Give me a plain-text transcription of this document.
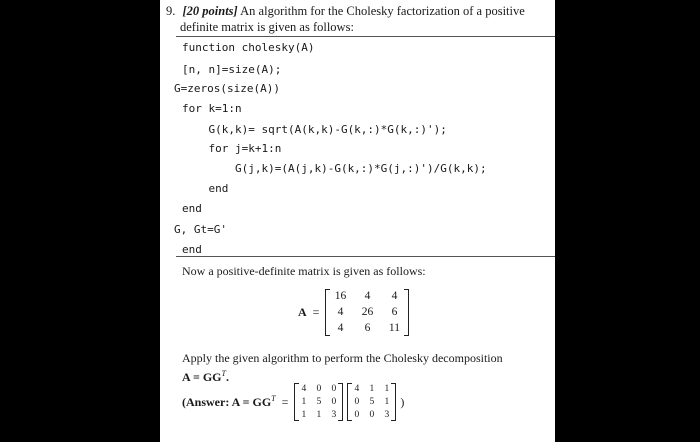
9. [20 points] An algorithm for the Cholesky factorization of a positive
definite matrix is given as follows:
function cholesky(A)
[n, n]=size(A);
G=zeros(size(A))
for k=1:n
G(k,k)= sqrt(A(k,k)-G(k,:)*G(k,:)');
for j=k+1:n
G(j,k)=(A(j,k)-G(k,:)*G(j,:)')/G(k,k);
end
end
G, Gt=G'
end
Now a positive-definite matrix is given as follows:
A =
16	4	4
4	26	6
4	6	11
Apply the given algorithm to perform the Cholesky decomposition
$A = GG^T$.
(Answer: $A = GG^T$ =
4 0 0
1 5 0
1 1 3
4 1 1
0 5 1
0 0 3
)
